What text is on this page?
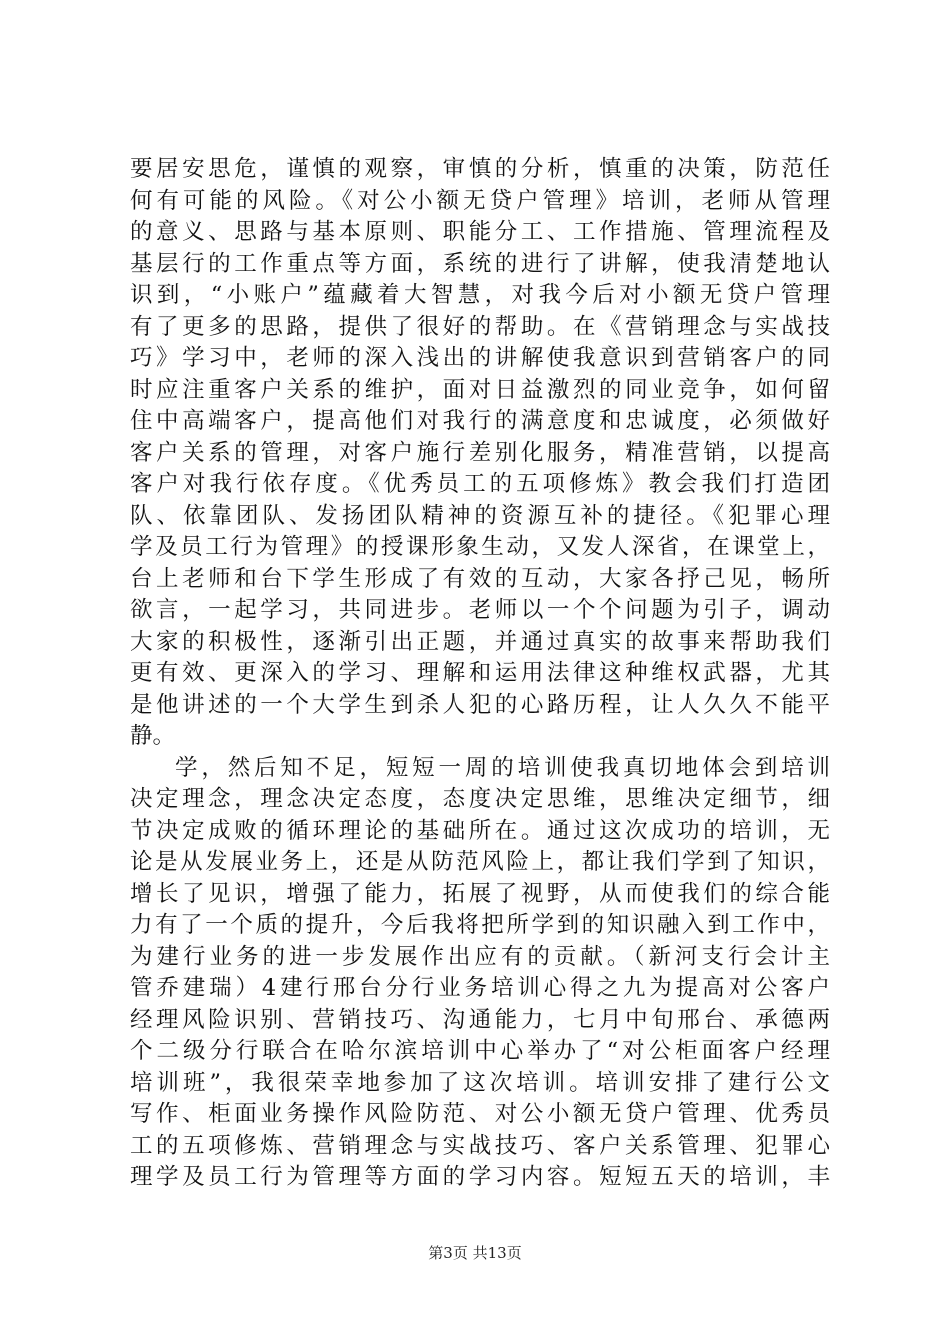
要居安思危，谨慎的观察，审慎的分析，慎重的决策，防范任
何有可能的风险。《对公小额无贷户管理》培训，老师从管理
的意义、思路与基本原则、职能分工、工作措施、管理流程及
基层行的工作重点等方面，系统的进行了讲解，使我清楚地认
识到，“小账户”蕴藏着大智慧，对我今后对小额无贷户管理
有了更多的思路，提供了很好的帮助。在《营销理念与实战技
巧》学习中，老师的深入浅出的讲解使我意识到营销客户的同
时应注重客户关系的维护，面对日益激烈的同业竞争，如何留
住中高端客户，提高他们对我行的满意度和忠诚度，必须做好
客户关系的管理，对客户施行差别化服务，精准营销，以提高
客户对我行依存度。《优秀员工的五项修炼》教会我们打造团
队、依靠团队、发扬团队精神的资源互补的捷径。《犯罪心理
学及员工行为管理》的授课形象生动，又发人深省，在课堂上，
台上老师和台下学生形成了有效的互动，大家各抒己见，畅所
欲言，一起学习，共同进步。老师以一个个问题为引子，调动
大家的积极性，逐渐引出正题，并通过真实的故事来帮助我们
更有效、更深入的学习、理解和运用法律这种维权武器，尤其
是他讲述的一个大学生到杀人犯的心路历程，让人久久不能平
静。
学，然后知不足，短短一周的培训使我真切地体会到培训
决定理念，理念决定态度，态度决定思维，思维决定细节，细
节决定成败的循环理论的基础所在。通过这次成功的培训，无
论是从发展业务上，还是从防范风险上，都让我们学到了知识，
增长了见识，增强了能力，拓展了视野，从而使我们的综合能
力有了一个质的提升，今后我将把所学到的知识融入到工作中，
为建行业务的进一步发展作出应有的贡献。（新河支行会计主
管乔建瑞）4建行邢台分行业务培训心得之九为提高对公客户
经理风险识别、营销技巧、沟通能力，七月中旬邢台、承德两
个二级分行联合在哈尔滨培训中心举办了“对公柜面客户经理
培训班”，我很荣幸地参加了这次培训。培训安排了建行公文
写作、柜面业务操作风险防范、对公小额无贷户管理、优秀员
工的五项修炼、营销理念与实战技巧、客户关系管理、犯罪心
理学及员工行为管理等方面的学习内容。短短五天的培训，丰
第3页 共13页
